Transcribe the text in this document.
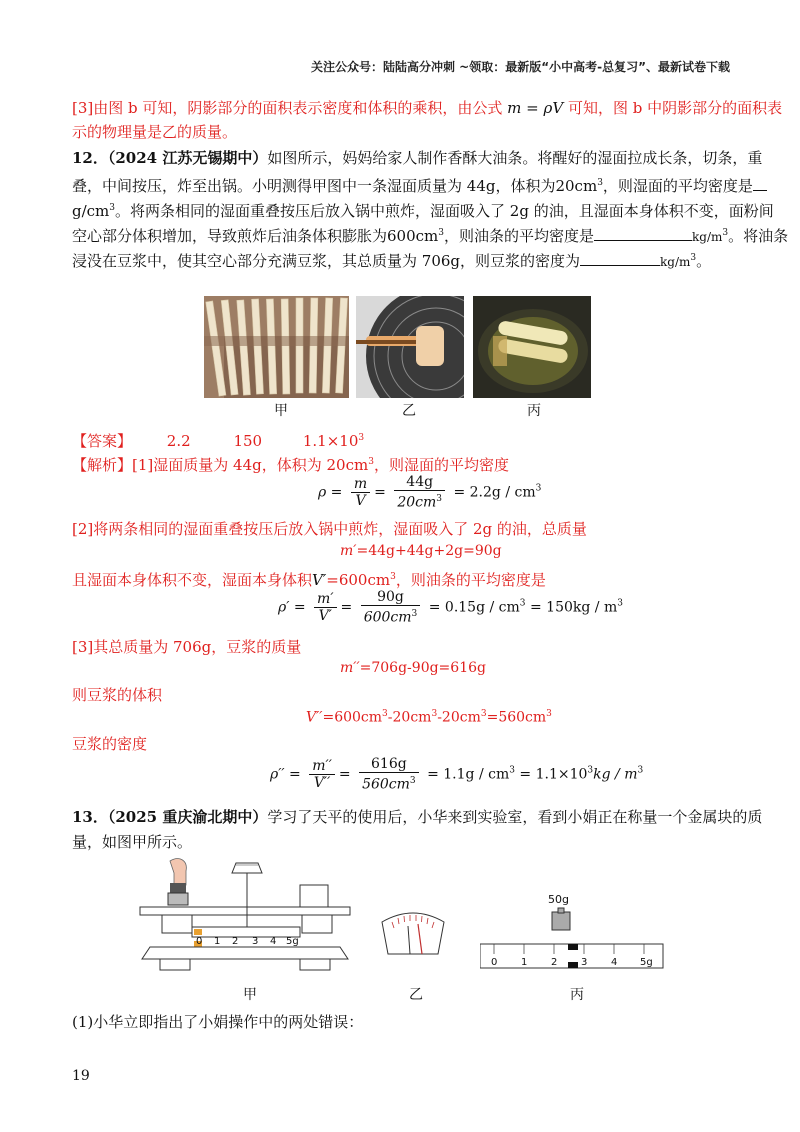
关注公众号：陆陆高分冲刺 ~领取：最新版“小中高考-总复习”、最新试卷下载
[3]由图 b 可知，阴影部分的面积表示密度和体积的乘积，由公式 m = ρV 可知，图 b 中阴影部分的面积表
示的物理量是乙的质量。
12．（2024 江苏无锡期中）如图所示，妈妈给家人制作香酥大油条。将醒好的湿面拉成长条，切条，重
叠，中间按压，炸至出锅。小明测得甲图中一条湿面质量为 44g，体积为$20cm^3$，则湿面的平均密度是
$g/cm^3$。将两条相同的湿面重叠按压后放入锅中煎炸，湿面吸入了 2g 的油，且湿面本身体积不变，面粉间
空心部分体积增加，导致煎炸后油条体积膨胀为$600cm^3$，则油条的平均密度是	$kg/m^3$。将油条
浸没在豆浆中，使其空心部分充满豆浆，其总质量为 706g，则豆浆的密度为	$kg/m^3$。
甲	乙	丙
【答案】 2.2	150	$1.1\times 10^3$
【解析】[1]湿面质量为 44g，体积为 $20cm^3$，则湿面的平均密度
$\rho = \frac{m}{V} = \frac{44g}{20cm^3} = 2.2g / cm^3$
[2]将两条相同的湿面重叠按压后放入锅中煎炸，湿面吸入了 2g 的油，总质量
m′=44g+44g+2g=90g
且湿面本身体积不变，湿面本身体积$V'=600cm^3$，则油条的平均密度是
$\rho' = \frac{m'}{V'} = \frac{90g}{600cm^3} = 0.15g / cm^3 = 150kg / m^3$
[3]其总质量为 706g，豆浆的质量
m′′=706g-90g=616g
则豆浆的体积
$V''=600cm^3-20cm^3-20cm^3=560cm^3$
豆浆的密度
$\rho'' = \frac{m''}{V''} = \frac{616g}{560cm^3} = 1.1g / cm^3 = 1.1\times 10^3kg / m^3$
13．（2025 重庆渝北期中）学习了天平的使用后，小华来到实验室，看到小娟正在称量一个金属块的质
量，如图甲所示。
0 1 2 3 4 5g
50g
0 1 2 3 4 5g
甲	乙	丙
(1)小华立即指出了小娟操作中的两处错误：
19
